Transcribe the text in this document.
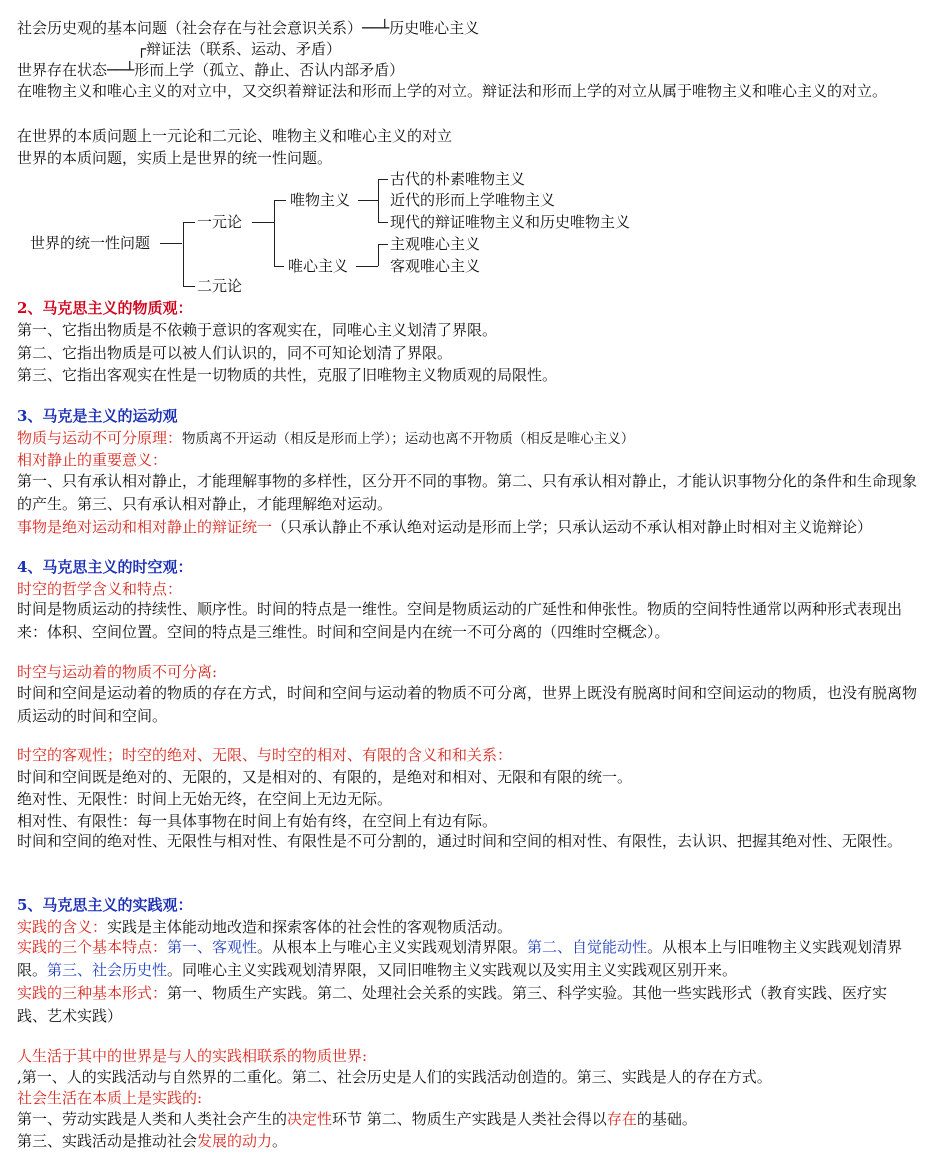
社会历史观的基本问题（社会存在与社会意识关系）──┴历史唯心主义
┌辩证法（联系、运动、矛盾）
世界存在状态──┴形而上学（孤立、静止、否认内部矛盾）
在唯物主义和唯心主义的对立中，又交织着辩证法和形而上学的对立。辩证法和形而上学的对立从属于唯物主义和唯心主义的对立。
在世界的本质问题上一元论和二元论、唯物主义和唯心主义的对立
世界的本质问题，实质上是世界的统一性问题。
世界的统一性问题
一元论
二元论
唯物主义
唯心主义
古代的朴素唯物主义
近代的形而上学唯物主义
现代的辩证唯物主义和历史唯物主义
主观唯心主义
客观唯心主义
2、马克思主义的物质观：
第一、它指出物质是不依赖于意识的客观实在，同唯心主义划清了界限。
第二、它指出物质是可以被人们认识的，同不可知论划清了界限。
第三、它指出客观实在性是一切物质的共性，克服了旧唯物主义物质观的局限性。
3、马克是主义的运动观
物质与运动不可分原理：物质离不开运动（相反是形而上学）；运动也离不开物质（相反是唯心主义）
相对静止的重要意义：
第一、只有承认相对静止，才能理解事物的多样性，区分开不同的事物。第二、只有承认相对静止，才能认识事物分化的条件和生命现象的产生。第三、只有承认相对静止，才能理解绝对运动。
事物是绝对运动和相对静止的辩证统一（只承认静止不承认绝对运动是形而上学；只承认运动不承认相对静止时相对主义诡辩论）
4、马克思主义的时空观：
时空的哲学含义和特点：
时间是物质运动的持续性、顺序性。时间的特点是一维性。空间是物质运动的广延性和伸张性。物质的空间特性通常以两种形式表现出来：体积、空间位置。空间的特点是三维性。时间和空间是内在统一不可分离的（四维时空概念）。
时空与运动着的物质不可分离:
时间和空间是运动着的物质的存在方式，时间和空间与运动着的物质不可分离，世界上既没有脱离时间和空间运动的物质，也没有脱离物质运动的时间和空间。
时空的客观性；时空的绝对、无限、与时空的相对、有限的含义和和关系：
时间和空间既是绝对的、无限的，又是相对的、有限的，是绝对和相对、无限和有限的统一。
绝对性、无限性：时间上无始无终，在空间上无边无际。
相对性、有限性：每一具体事物在时间上有始有终，在空间上有边有际。
时间和空间的绝对性、无限性与相对性、有限性是不可分割的，通过时间和空间的相对性、有限性，去认识、把握其绝对性、无限性。
5、马克思主义的实践观：
实践的含义：实践是主体能动地改造和探索客体的社会性的客观物质活动。
实践的三个基本特点：第一、客观性。从根本上与唯心主义实践观划清界限。第二、自觉能动性。从根本上与旧唯物主义实践观划清界限。第三、社会历史性。同唯心主义实践观划清界限，又同旧唯物主义实践观以及实用主义实践观区别开来。
实践的三种基本形式：第一、物质生产实践。第二、处理社会关系的实践。第三、科学实验。其他一些实践形式（教育实践、医疗实践、艺术实践）
人生活于其中的世界是与人的实践相联系的物质世界:
,第一、人的实践活动与自然界的二重化。第二、社会历史是人们的实践活动创造的。第三、实践是人的存在方式。
社会生活在本质上是实践的:
第一、劳动实践是人类和人类社会产生的决定性环节 第二、物质生产实践是人类社会得以存在的基础。
第三、实践活动是推动社会发展的动力。
